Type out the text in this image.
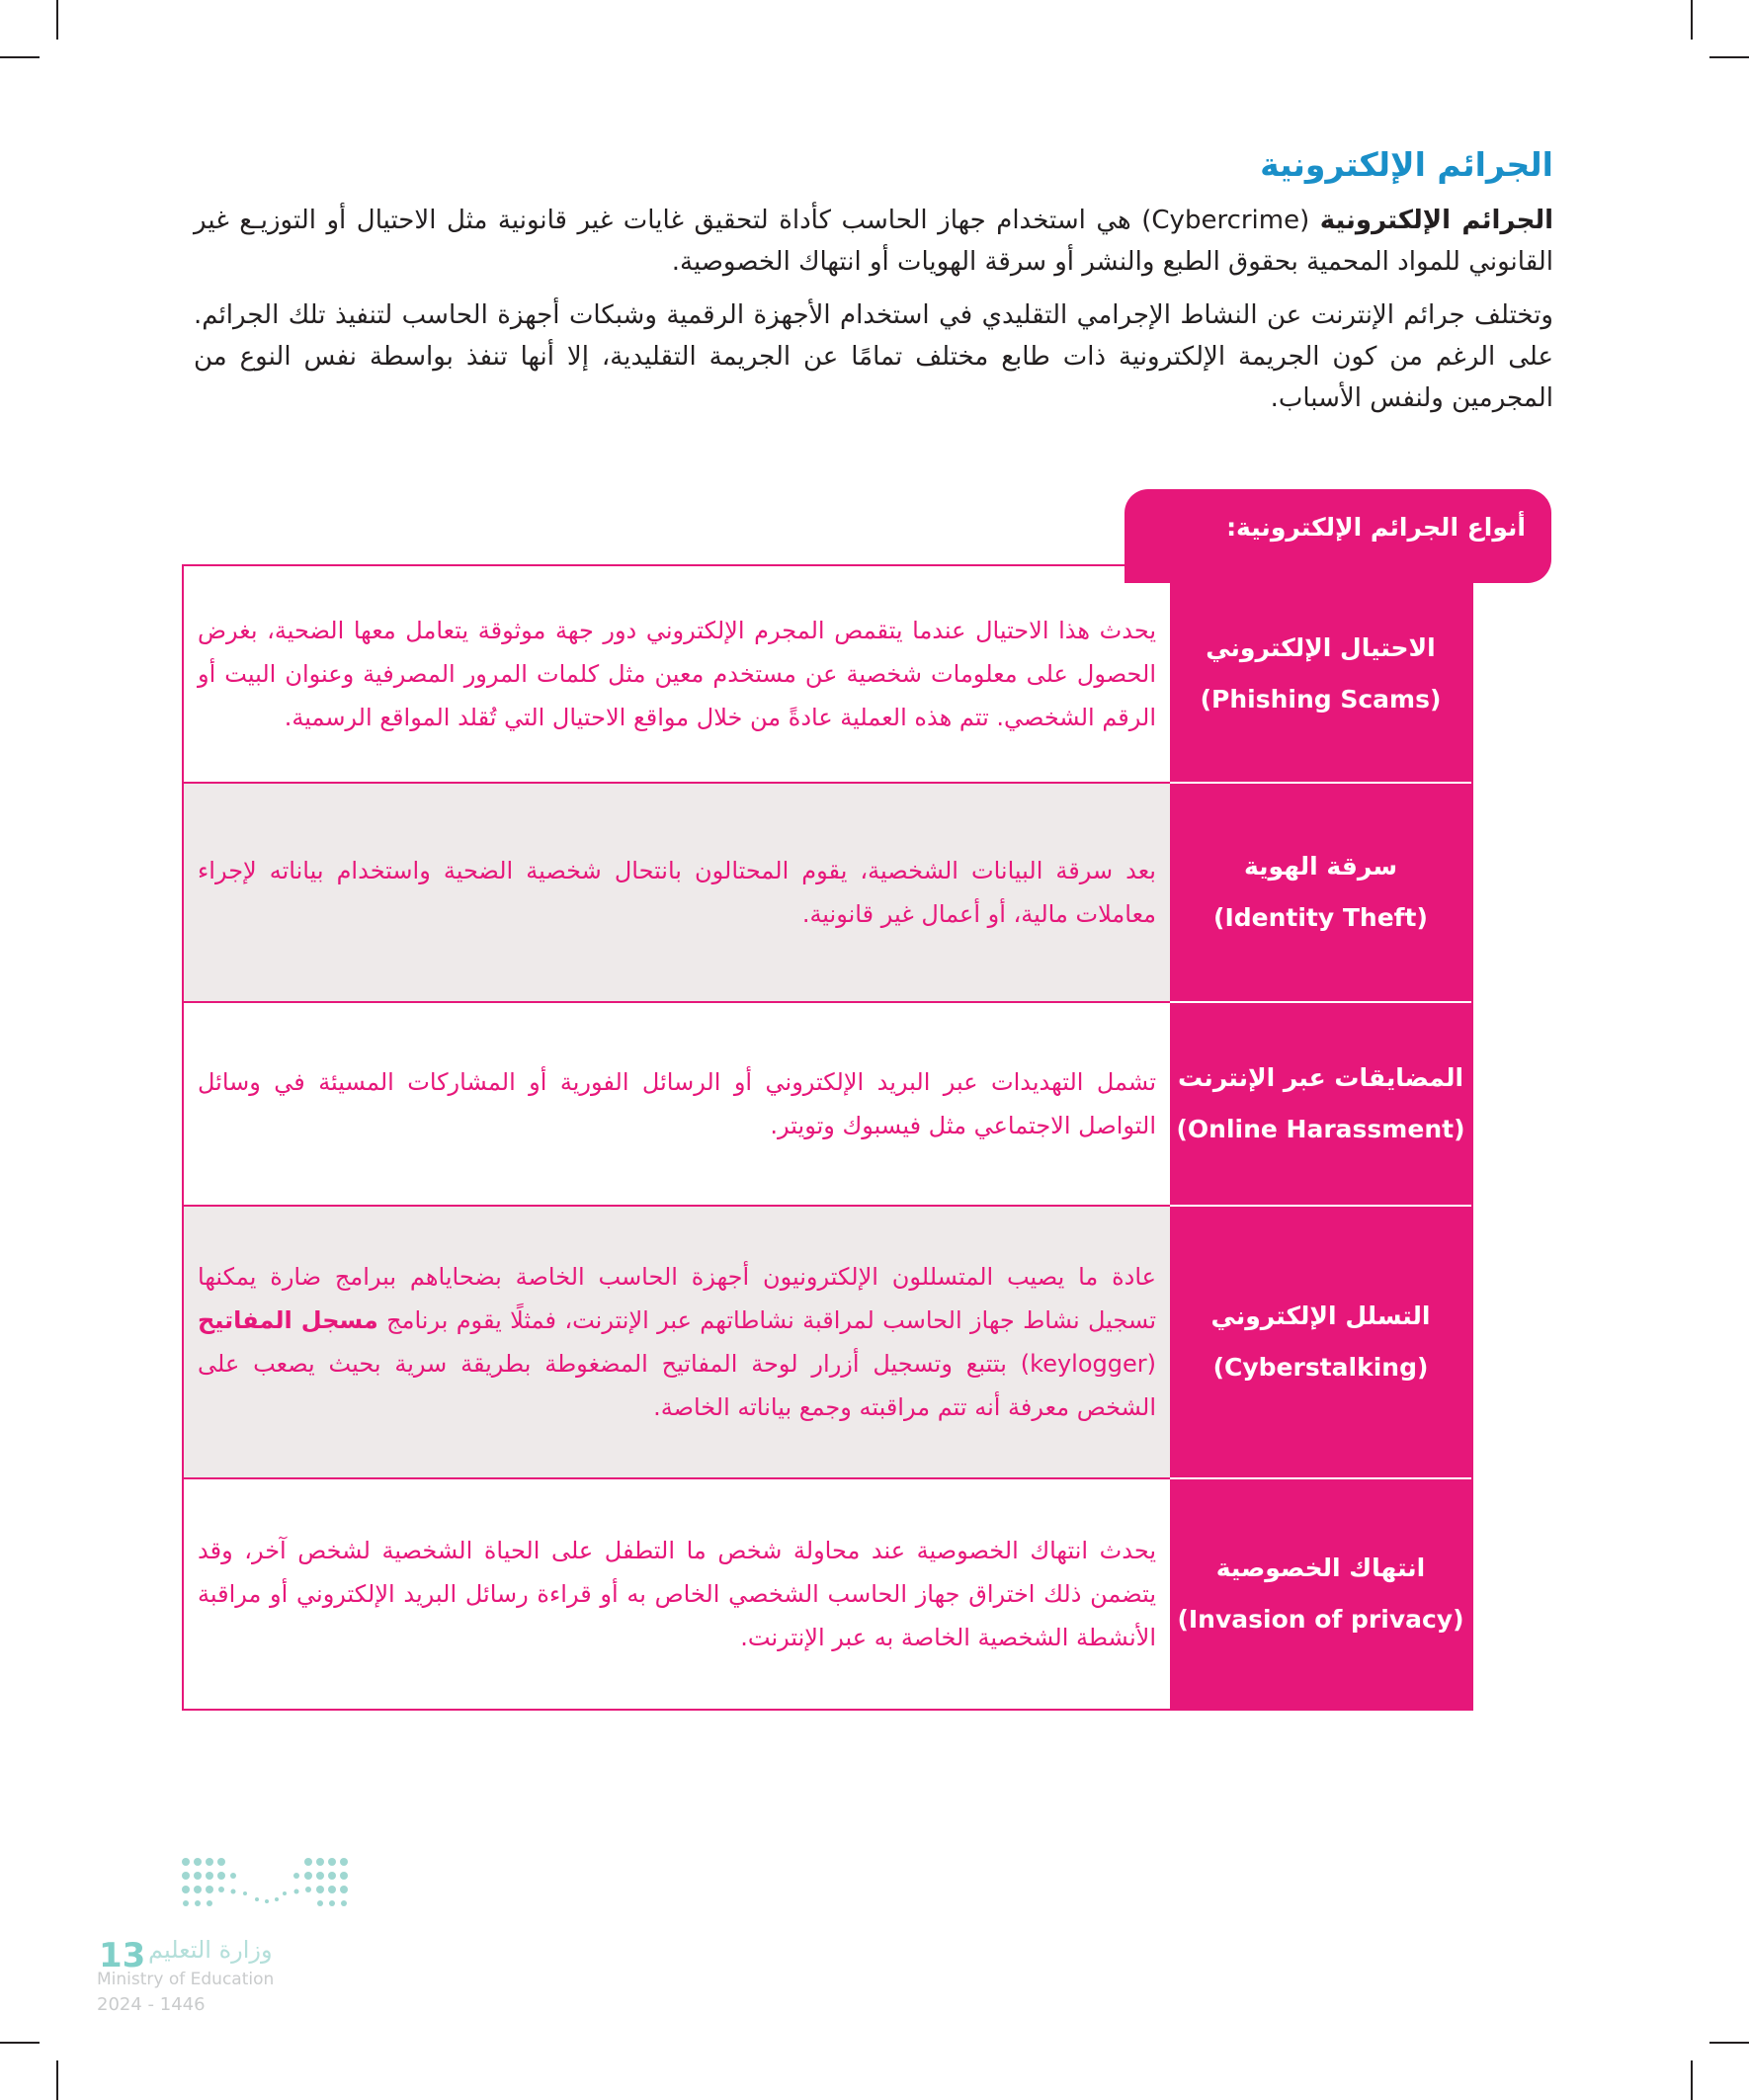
الجرائم الإلكترونية

الجرائم الإلكترونية (Cybercrime) هي استخدام جهاز الحاسب كأداة لتحقيق غايات غير قانونية مثل الاحتيال أو التوزيـع غير القانوني للمواد المحمية بحقوق الطبع والنشر أو سرقة الهويات أو انتهاك الخصوصية.

وتختلف جرائم الإنترنت عن النشاط الإجرامي التقليدي في استخدام الأجهزة الرقمية وشبكات أجهزة الحاسب لتنفيذ تلك الجرائم. على الرغم من كون الجريمة الإلكترونية ذات طابع مختلف تمامًا عن الجريمة التقليدية، إلا أنها تنفذ بواسطة نفس النوع من المجرمين ولنفس الأسباب.

أنواع الجرائم الإلكترونية:
الاحتيال الإلكتروني
(Phishing Scams)
يحدث هذا الاحتيال عندما يتقمص المجرم الإلكتروني دور جهة موثوقة يتعامل معها الضحية، بغرض الحصول على معلومات شخصية عن مستخدم معين مثل كلمات المرور المصرفية وعنوان البيت أو الرقم الشخصي. تتم هذه العملية عادةً من خلال مواقع الاحتيال التي تُقلد المواقع الرسمية.
سرقة الهوية
(Identity Theft)
بعد سرقة البيانات الشخصية، يقوم المحتالون بانتحال شخصية الضحية واستخدام بياناته لإجراء معاملات مالية، أو أعمال غير قانونية.
المضايقات عبر الإنترنت
(Online Harassment)
تشمل التهديدات عبر البريد الإلكتروني أو الرسائل الفورية أو المشاركات المسيئة في وسائل التواصل الاجتماعي مثل فيسبوك وتويتر.
التسلل الإلكتروني
(Cyberstalking)
عادة ما يصيب المتسللون الإلكترونيون أجهزة الحاسب الخاصة بضحاياهم ببرامج ضارة يمكنها تسجيل نشاط جهاز الحاسب لمراقبة نشاطاتهم عبر الإنترنت، فمثلًا يقوم برنامج مسجل المفاتيح (keylogger) بتتبع وتسجيل أزرار لوحة المفاتيح المضغوطة بطريقة سرية بحيث يصعب على الشخص معرفة أنه تتم مراقبته وجمع بياناته الخاصة.
انتهاك الخصوصية
(Invasion of privacy)
يحدث انتهاك الخصوصية عند محاولة شخص ما التطفل على الحياة الشخصية لشخص آخر، وقد يتضمن ذلك اختراق جهاز الحاسب الشخصي الخاص به أو قراءة رسائل البريد الإلكتروني أو مراقبة الأنشطة الشخصية الخاصة به عبر الإنترنت.

13 وزارة التعليم
Ministry of Education
2024 - 1446
